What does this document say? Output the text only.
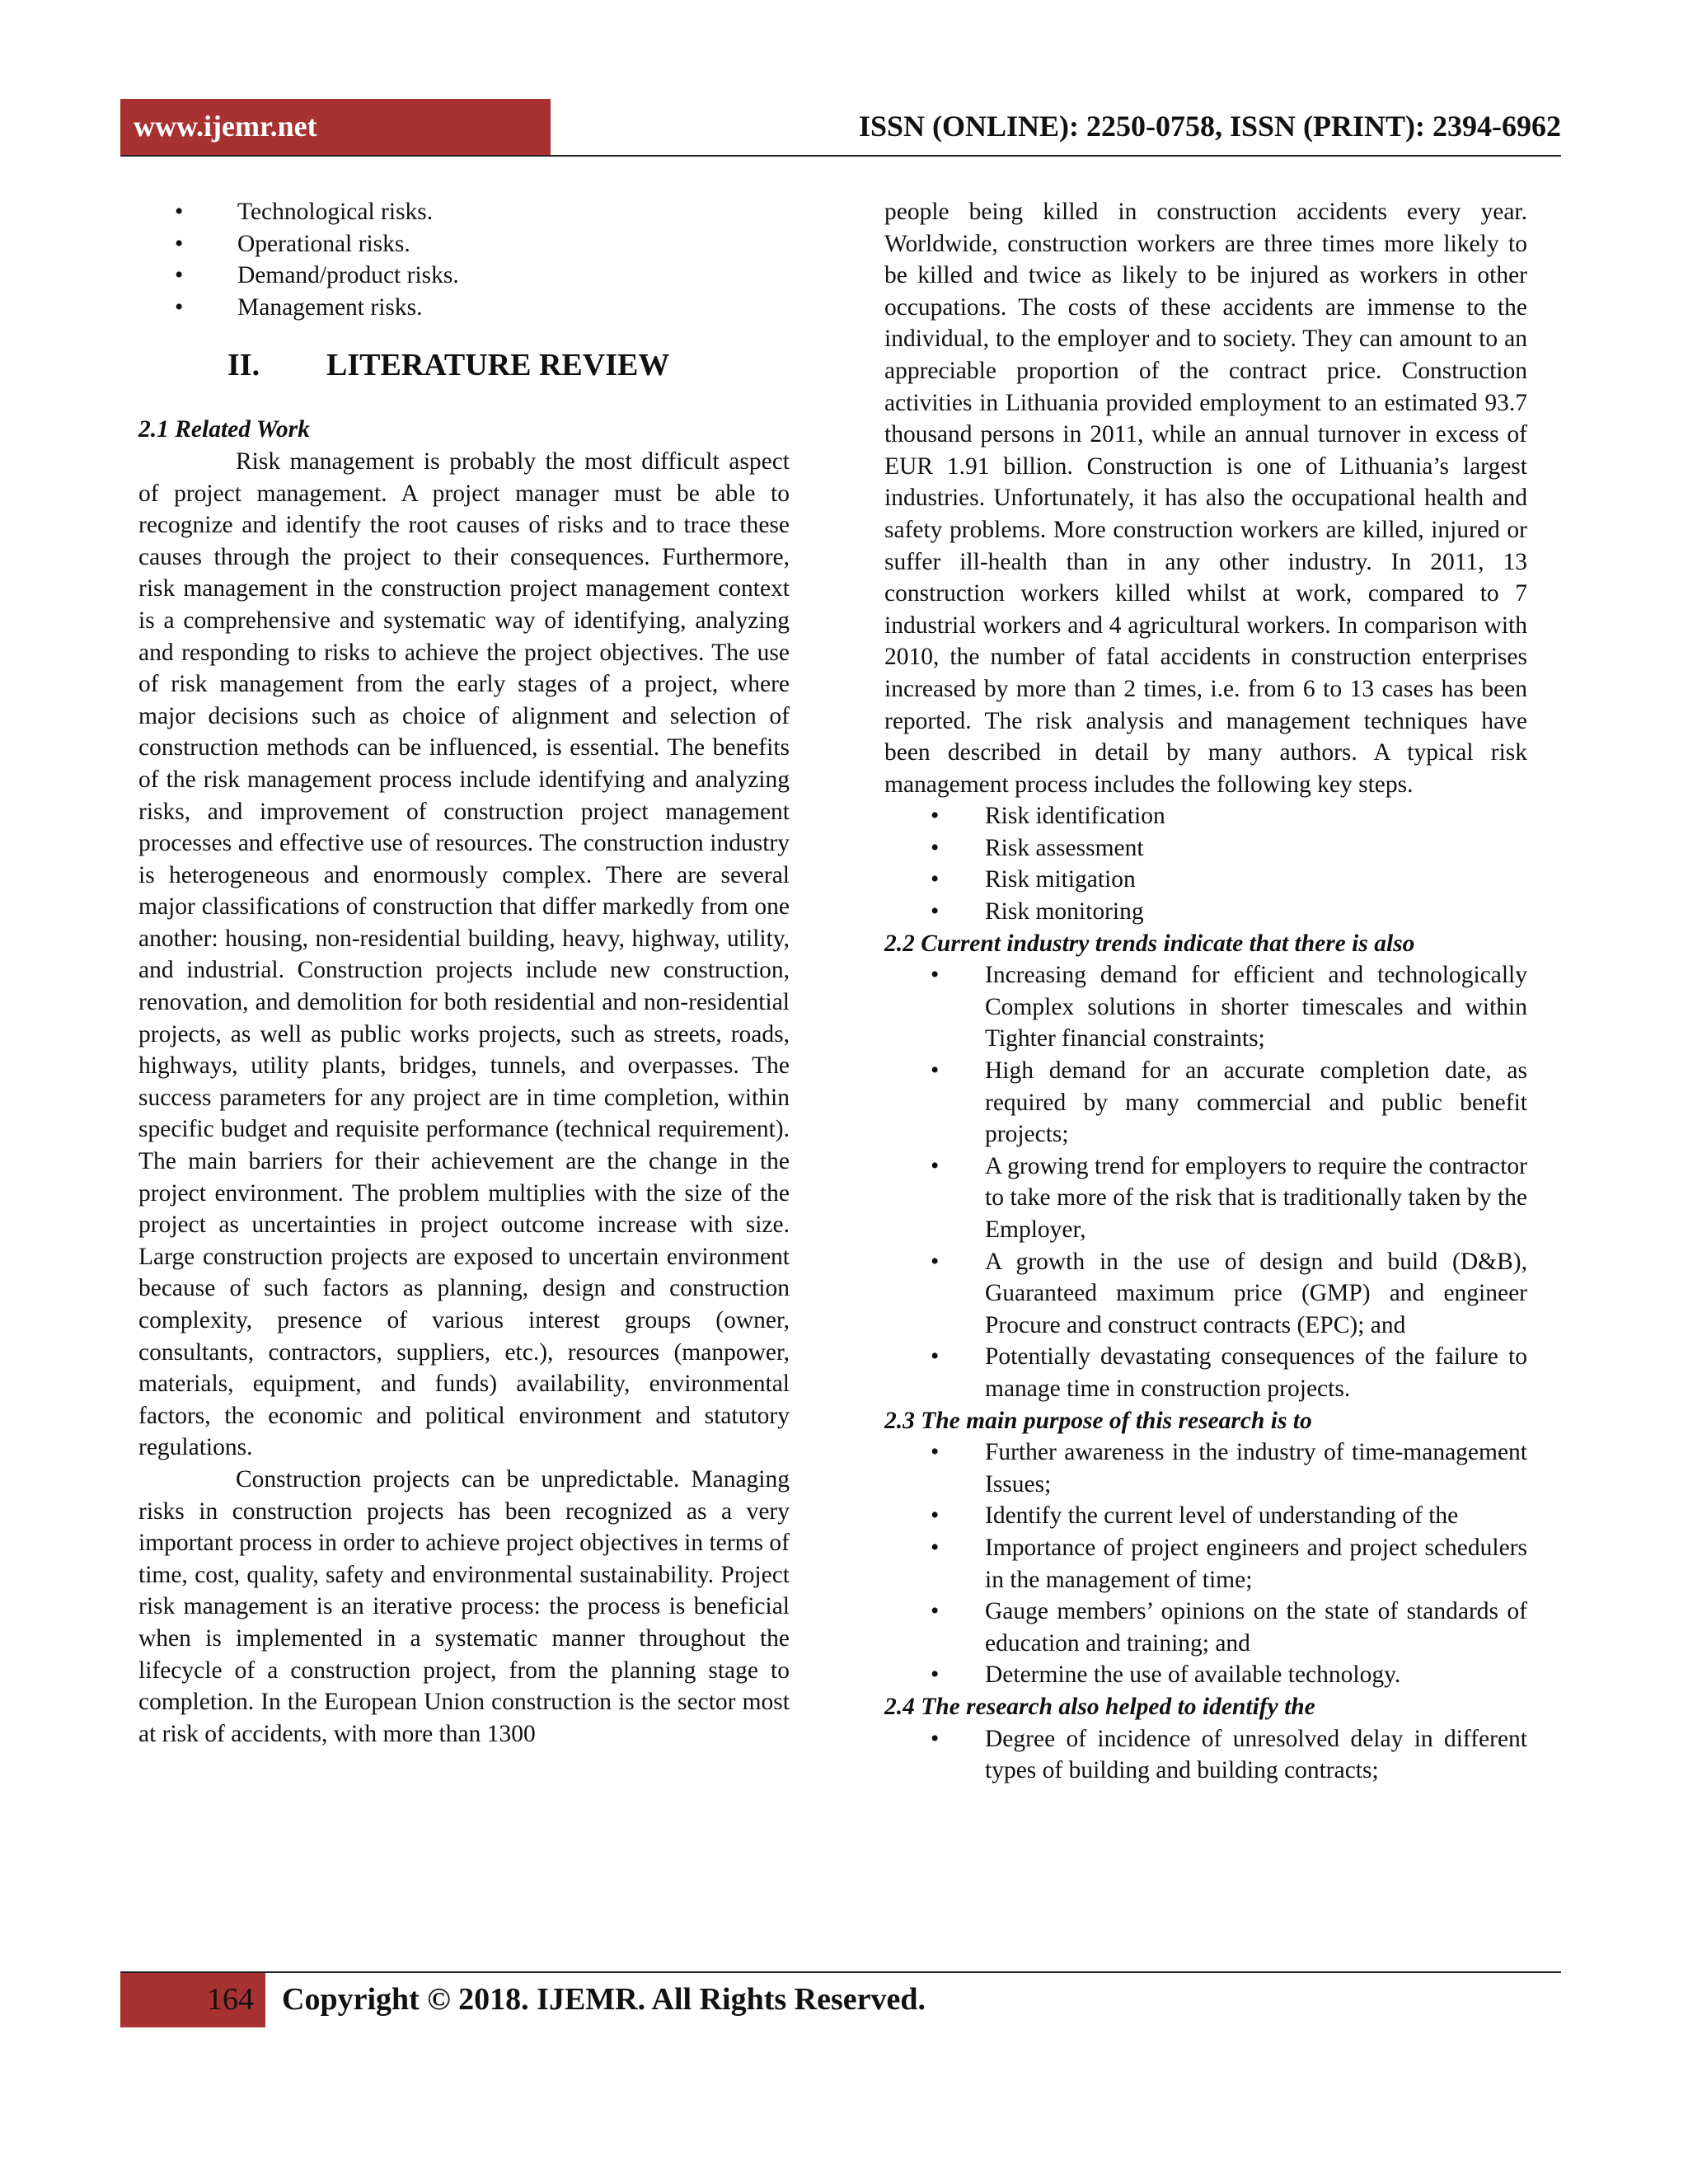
www.ijemr.net	ISSN (ONLINE): 2250-0758, ISSN (PRINT): 2394-6962
• Technological risks.
• Operational risks.
• Demand/product risks.
• Management risks.
II. LITERATURE REVIEW

2.1 Related Work

Risk management is probably the most difficult aspect of project management. A project manager must be able to recognize and identify the root causes of risks and to trace these causes through the project to their consequences. Furthermore, risk management in the construction project management context is a comprehensive and systematic way of identifying, analyzing and responding to risks to achieve the project objectives. The use of risk management from the early stages of a project, where major decisions such as choice of alignment and selection of construction methods can be influenced, is essential. The benefits of the risk management process include identifying and analyzing risks, and improvement of construction project management processes and effective use of resources. The construction industry is heterogeneous and enormously complex. There are several major classifications of construction that differ markedly from one another: housing, non-residential building, heavy, highway, utility, and industrial. Construction projects include new construction, renovation, and demolition for both residential and non-residential projects, as well as public works projects, such as streets, roads, highways, utility plants, bridges, tunnels, and overpasses. The success parameters for any project are in time completion, within specific budget and requisite performance (technical requirement). The main barriers for their achievement are the change in the project environment. The problem multiplies with the size of the project as uncertainties in project outcome increase with size. Large construction projects are exposed to uncertain environment because of such factors as planning, design and construction complexity, presence of various interest groups (owner, consultants, contractors, suppliers, etc.), resources (manpower, materials, equipment, and funds) availability, environmental factors, the economic and political environment and statutory regulations.

Construction projects can be unpredictable. Managing risks in construction projects has been recognized as a very important process in order to achieve project objectives in terms of time, cost, quality, safety and environmental sustainability. Project risk management is an iterative process: the process is beneficial when is implemented in a systematic manner throughout the lifecycle of a construction project, from the planning stage to completion. In the European Union construction is the sector most at risk of accidents, with more than 1300

people being killed in construction accidents every year. Worldwide, construction workers are three times more likely to be killed and twice as likely to be injured as workers in other occupations. The costs of these accidents are immense to the individual, to the employer and to society. They can amount to an appreciable proportion of the contract price. Construction activities in Lithuania provided employment to an estimated 93.7 thousand persons in 2011, while an annual turnover in excess of EUR 1.91 billion. Construction is one of Lithuania’s largest industries. Unfortunately, it has also the occupational health and safety problems. More construction workers are killed, injured or suffer ill-health than in any other industry. In 2011, 13 construction workers killed whilst at work, compared to 7 industrial workers and 4 agricultural workers. In comparison with 2010, the number of fatal accidents in construction enterprises increased by more than 2 times, i.e. from 6 to 13 cases has been reported. The risk analysis and management techniques have been described in detail by many authors. A typical risk management process includes the following key steps.

• Risk identification
• Risk assessment
• Risk mitigation
• Risk monitoring

2.2 Current industry trends indicate that there is also

• Increasing demand for efficient and technologically Complex solutions in shorter timescales and within Tighter financial constraints;
• High demand for an accurate completion date, as required by many commercial and public benefit projects;
• A growing trend for employers to require the contractor to take more of the risk that is traditionally taken by the Employer,
• A growth in the use of design and build (D&B), Guaranteed maximum price (GMP) and engineer Procure and construct contracts (EPC); and
• Potentially devastating consequences of the failure to manage time in construction projects.

2.3 The main purpose of this research is to

• Further awareness in the industry of time-management Issues;
• Identify the current level of understanding of the
• Importance of project engineers and project schedulers in the management of time;
• Gauge members’ opinions on the state of standards of education and training; and
• Determine the use of available technology.

2.4 The research also helped to identify the

• Degree of incidence of unresolved delay in different types of building and building contracts;
164 Copyright © 2018. IJEMR. All Rights Reserved.
